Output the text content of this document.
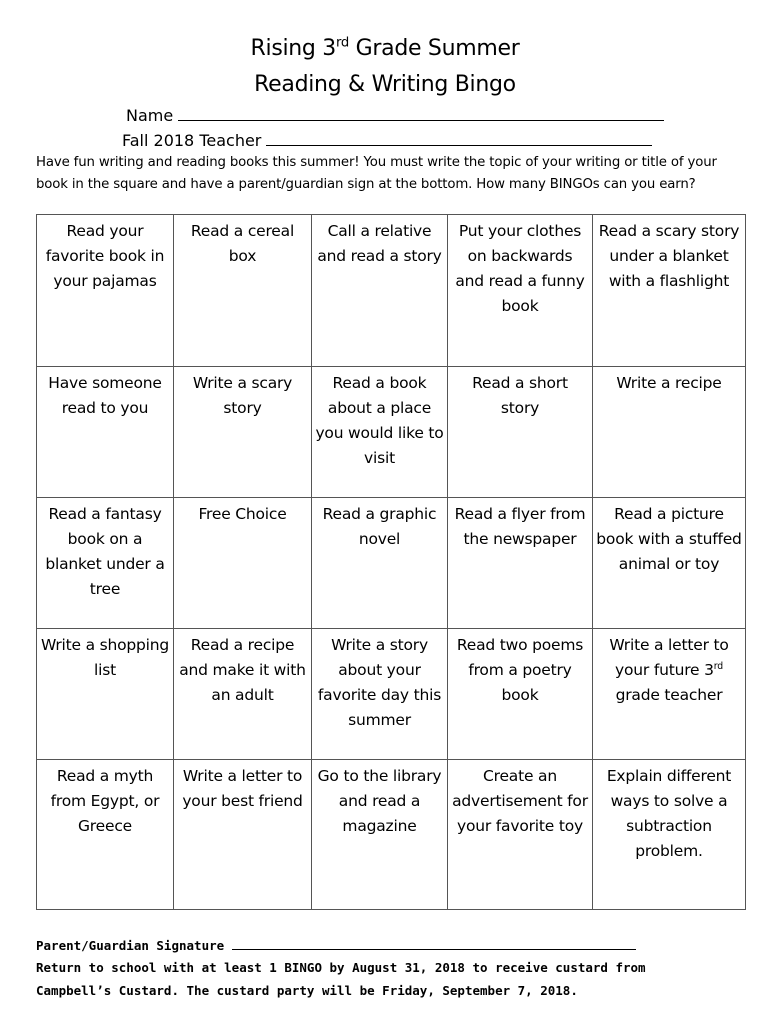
Rising 3rd Grade Summer
Reading & Writing Bingo
Name
Fall 2018 Teacher
Have fun writing and reading books this summer! You must write the topic of your writing or title of your book in the square and have a parent/guardian sign at the bottom. How many BINGOs can you earn?
Read your favorite book in your pajamas	Read a cereal box	Call a relative and read a story	Put your clothes on backwards and read a funny book	Read a scary story under a blanket with a flashlight
Have someone read to you	Write a scary story	Read a book about a place you would like to visit	Read a short story	Write a recipe
Read a fantasy book on a blanket under a tree	Free Choice	Read a graphic novel	Read a flyer from the newspaper	Read a picture book with a stuffed animal or toy
Write a shopping list	Read a recipe and make it with an adult	Write a story about your favorite day this summer	Read two poems from a poetry book	Write a letter to your future 3rd grade teacher
Read a myth from Egypt, or Greece	Write a letter to your best friend	Go to the library and read a magazine	Create an advertisement for your favorite toy	Explain different ways to solve a subtraction problem.
Parent/Guardian Signature
Return to school with at least 1 BINGO by August 31, 2018 to receive custard from
Campbell’s Custard. The custard party will be Friday, September 7, 2018.
